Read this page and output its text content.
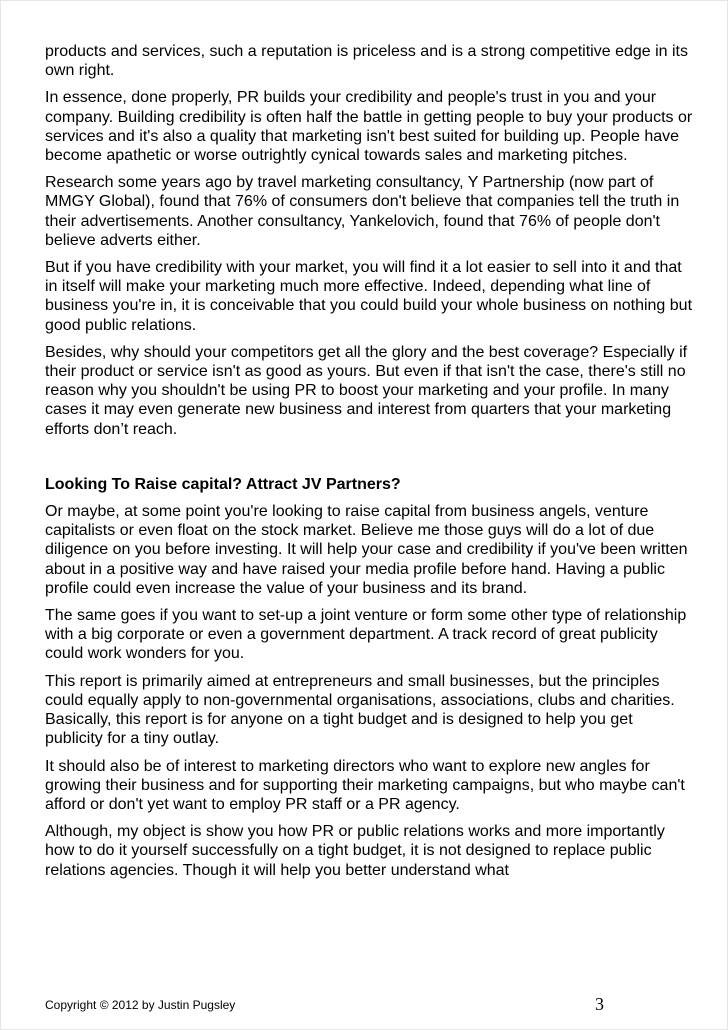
products and services, such a reputation is priceless and is a strong competitive edge in its own right.

In essence, done properly, PR builds your credibility and people's trust in you and your company. Building credibility is often half the battle in getting people to buy your products or services and it's also a quality that marketing isn't best suited for building up. People have become apathetic or worse outrightly cynical towards sales and marketing pitches.

Research some years ago by travel marketing consultancy, Y Partnership (now part of MMGY Global), found that 76% of consumers don't believe that companies tell the truth in their advertisements. Another consultancy, Yankelovich, found that 76% of people don't believe adverts either.

But if you have credibility with your market, you will find it a lot easier to sell into it and that in itself will make your marketing much more effective. Indeed, depending what line of business you're in, it is conceivable that you could build your whole business on nothing but good public relations.

Besides, why should your competitors get all the glory and the best coverage? Especially if their product or service isn't as good as yours. But even if that isn't the case, there's still no reason why you shouldn't be using PR to boost your marketing and your profile. In many cases it may even generate new business and interest from quarters that your marketing efforts don’t reach.

Looking To Raise capital? Attract JV Partners?

Or maybe, at some point you're looking to raise capital from business angels, venture capitalists or even float on the stock market. Believe me those guys will do a lot of due diligence on you before investing. It will help your case and credibility if you've been written about in a positive way and have raised your media profile before hand. Having a public profile could even increase the value of your business and its brand.

The same goes if you want to set-up a joint venture or form some other type of relationship with a big corporate or even a government department. A track record of great publicity could work wonders for you.

This report is primarily aimed at entrepreneurs and small businesses, but the principles could equally apply to non-governmental organisations, associations, clubs and charities. Basically, this report is for anyone on a tight budget and is designed to help you get publicity for a tiny outlay.

It should also be of interest to marketing directors who want to explore new angles for growing their business and for supporting their marketing campaigns, but who maybe can't afford or don't yet want to employ PR staff or a PR agency.

Although, my object is show you how PR or public relations works and more importantly how to do it yourself successfully on a tight budget, it is not designed to replace public relations agencies. Though it will help you better understand what

Copyright © 2012 by Justin Pugsley	3
